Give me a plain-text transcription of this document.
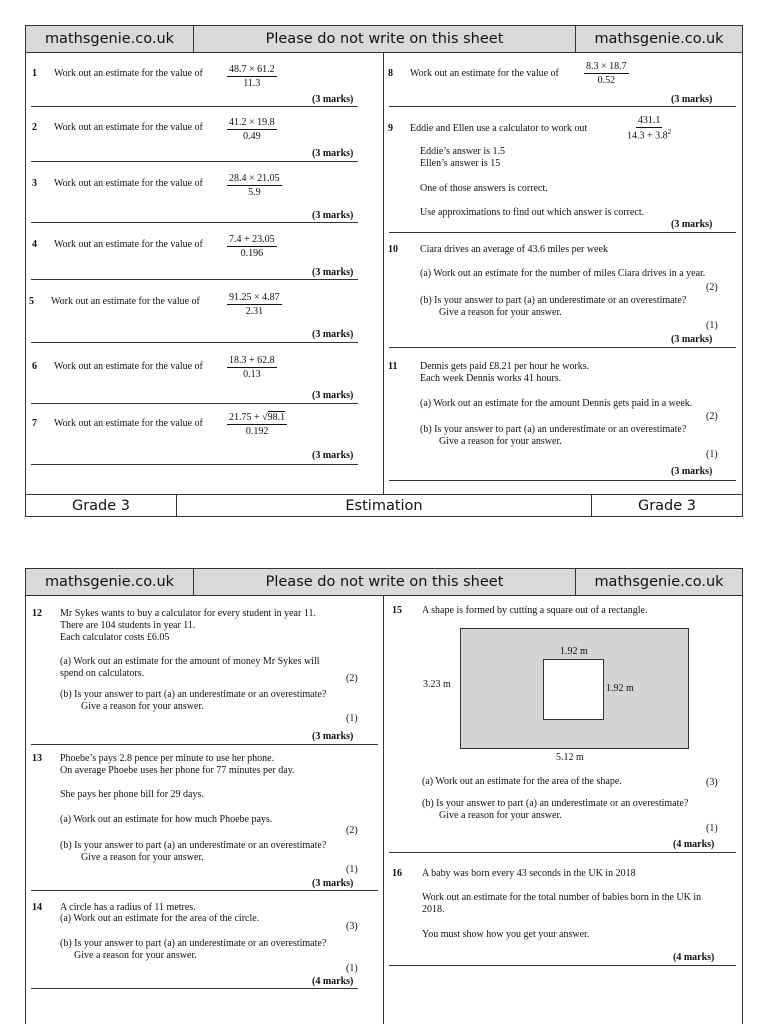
mathsgenie.co.uk	Please do not write on this sheet	mathsgenie.co.uk
1 Work out an estimate for the value of $\frac{48.7 \times 61.2}{11.3}$
(3 marks)
2 Work out an estimate for the value of $\frac{41.2 \times 19.8}{0.49}$
(3 marks)
3 Work out an estimate for the value of $\frac{28.4 \times 21.05}{5.9}$
(3 marks)
4 Work out an estimate for the value of $\frac{7.4 + 23.05}{0.196}$
(3 marks)
5 Work out an estimate for the value of	$\frac{91.25 \times 4.87}{2.31}$
(3 marks)
6 Work out an estimate for the value of $\frac{18.3 + 62.8}{0.13}$
(3 marks)
7 Work out an estimate for the value of $\frac{21.75 + √98.1}{0.192}$
(3 marks)
8 Work out an estimate for the value of	$\frac{8.3 \times 18.7}{0.52}$
(3 marks)
9 Eddie and Ellen use a calculator to work out	$\frac{431.1}{14.3 + 3.8^2}$
Eddie’s answer is 1.5
Ellen’s answer is 15
One of those answers is correct.
Use approximations to find out which answer is correct.
(3 marks)
10 Ciara drives an average of 43.6 miles per week
(a) Work out an estimate for the number of miles Ciara drives in a year.
(2)
(b) Is your answer to part (a) an underestimate or an overestimate?
Give a reason for your answer.
(1)
(3 marks)
11 Dennis gets paid £8.21 per hour he works.
Each week Dennis works 41 hours.
(a) Work out an estimate for the amount Dennis gets paid in a week.
(2)
(b) Is your answer to part (a) an underestimate or an overestimate?
Give a reason for your answer.
(1)
(3 marks)
Grade 3	Estimation	Grade 3
mathsgenie.co.uk	Please do not write on this sheet	mathsgenie.co.uk
12 Mr Sykes wants to buy a calculator for every student in year 11.
There are 104 students in year 11.
Each calculator costs £6.05
(a) Work out an estimate for the amount of money Mr Sykes will
spend on calculators.	(2)
(b) Is your answer to part (a) an underestimate or an overestimate?
Give a reason for your answer.
(1)
(3 marks)
13 Phoebe’s pays 2.8 pence per minute to use her phone.
On average Phoebe uses her phone for 77 minutes per day.
She pays her phone bill for 29 days.
(a) Work out an estimate for how much Phoebe pays.
(2)
(b) Is your answer to part (a) an underestimate or an overestimate?
Give a reason for your answer.
(1)
(3 marks)
14 A circle has a radius of 11 metres.
(a) Work out an estimate for the area of the circle.
(3)
(b) Is your answer to part (a) an underestimate or an overestimate?
Give a reason for your answer.
(1)
(4 marks)
15 A shape is formed by cutting a square out of a rectangle.
1.92 m
1.92 m
3.23 m
5.12 m
(a) Work out an estimate for the area of the shape.	(3)
(b) Is your answer to part (a) an underestimate or an overestimate?
Give a reason for your answer.
(1)
(4 marks)
16 A baby was born every 43 seconds in the UK in 2018
Work out an estimate for the total number of babies born in the UK in
2018.
You must show how you get your answer.
(4 marks)
